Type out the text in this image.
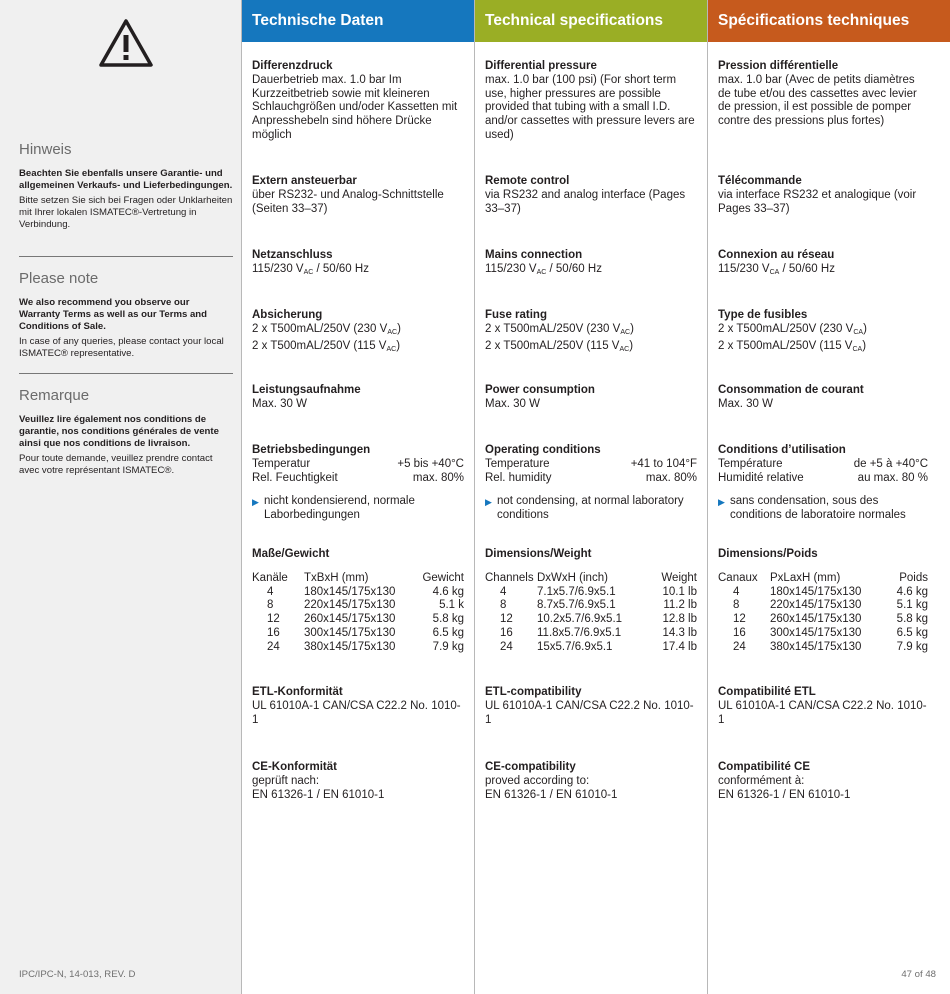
Hinweis
Beachten Sie ebenfalls unsere Garantie- und allgemeinen Verkaufs- und Lieferbedingungen.
Bitte setzen Sie sich bei Fragen oder Unklarheiten mit Ihrer lokalen ISMATEC®-Vertretung in Verbindung.
Please note
We also recommend you observe our Warranty Terms as well as our Terms and Conditions of Sale.
In case of any queries, please contact your local ISMATEC® representative.
Remarque
Veuillez lire également nos conditions de garantie, nos conditions générales de vente ainsi que nos conditions de livraison.
Pour toute demande, veuillez prendre contact avec votre représentant ISMATEC®.
IPC/IPC-N, 14-013, REV. D
Technische Daten
Differenzdruck
Dauerbetrieb max. 1.0 bar Im Kurzzeitbetrieb sowie mit kleineren Schlauchgrößen und/oder Kassetten mit Anpresshebeln sind höhere Drücke möglich
Extern ansteuerbar
über RS232- und Analog-Schnittstelle (Seiten 33–37)
Netzanschluss
115/230 $V_{AC} / 50/60$ Hz
Absicherung
2 x T500mAL/250V (230 $V_{AC}$)
2 x T500mAL/250V (115 $V_{AC}$)
Leistungsaufnahme
Max. 30 W
Betriebsbedingungen
Temperatur	+5 bis +40°C
Rel. Feuchtigkeit	max. 80%
▶ nicht kondensierend, normale Laborbedingungen
Maße/Gewicht
Kanäle	TxBxH (mm)	Gewicht
4	180x145/175x130	4.6 kg
8	220x145/175x130	5.1 k
12	260x145/175x130	5.8 kg
16	300x145/175x130	6.5 kg
24	380x145/175x130	7.9 kg
ETL-Konformität
UL 61010A-1 CAN/CSA C22.2 No. 1010-1
CE-Konformität
geprüft nach:
EN 61326-1 / EN 61010-1
Technical specifications
Differential pressure
max. 1.0 bar (100 psi) (For short term use, higher pressures are possible provided that tubing with a small I.D. and/or cassettes with pressure levers are used)
Remote control
via RS232 and analog interface (Pages 33–37)
Mains connection
115/230 $V_{AC} / 50/60$ Hz
Fuse rating
2 x T500mAL/250V (230 $V_{AC}$)
2 x T500mAL/250V (115 $V_{AC}$)
Power consumption
Max. 30 W
Operating conditions
Temperature	+41 to 104°F
Rel. humidity	max. 80%
▶ not condensing, at normal laboratory conditions
Dimensions/Weight
Channels DxWxH (inch)	Weight
4	7.1x5.7/6.9x5.1	10.1 lb
8	8.7x5.7/6.9x5.1	11.2 lb
12	10.2x5.7/6.9x5.1	12.8 lb
16	11.8x5.7/6.9x5.1	14.3 lb
24	15x5.7/6.9x5.1	17.4 lb
ETL-compatibility
UL 61010A-1 CAN/CSA C22.2 No. 1010-1
CE-compatibility
proved according to:
EN 61326-1 / EN 61010-1
Spécifications techniques
Pression différentielle
max. 1.0 bar (Avec de petits diamètres de tube et/ou des cassettes avec levier de pression, il est possible de pomper contre des pressions plus fortes)
Télécommande
via interface RS232 et analogique (voir Pages 33–37)
Connexion au réseau
115/230 $V_{CA} / 50/60$ Hz
Type de fusibles
2 x T500mAL/250V (230 $V_{CA}$)
2 x T500mAL/250V (115 $V_{CA}$)
Consommation de courant
Max. 30 W
Conditions d’utilisation
Température	de +5 à +40°C
Humidité relative	au max. 80 %
▶ sans condensation, sous des conditions de laboratoire normales
Dimensions/Poids
Canaux	PxLaxH (mm)	Poids
4	180x145/175x130	4.6 kg
8	220x145/175x130	5.1 kg
12	260x145/175x130	5.8 kg
16	300x145/175x130	6.5 kg
24	380x145/175x130	7.9 kg
Compatibilité ETL
UL 61010A-1 CAN/CSA C22.2 No. 1010-1
Compatibilité CE
conformément à:
EN 61326-1 / EN 61010-1
47 of 48
